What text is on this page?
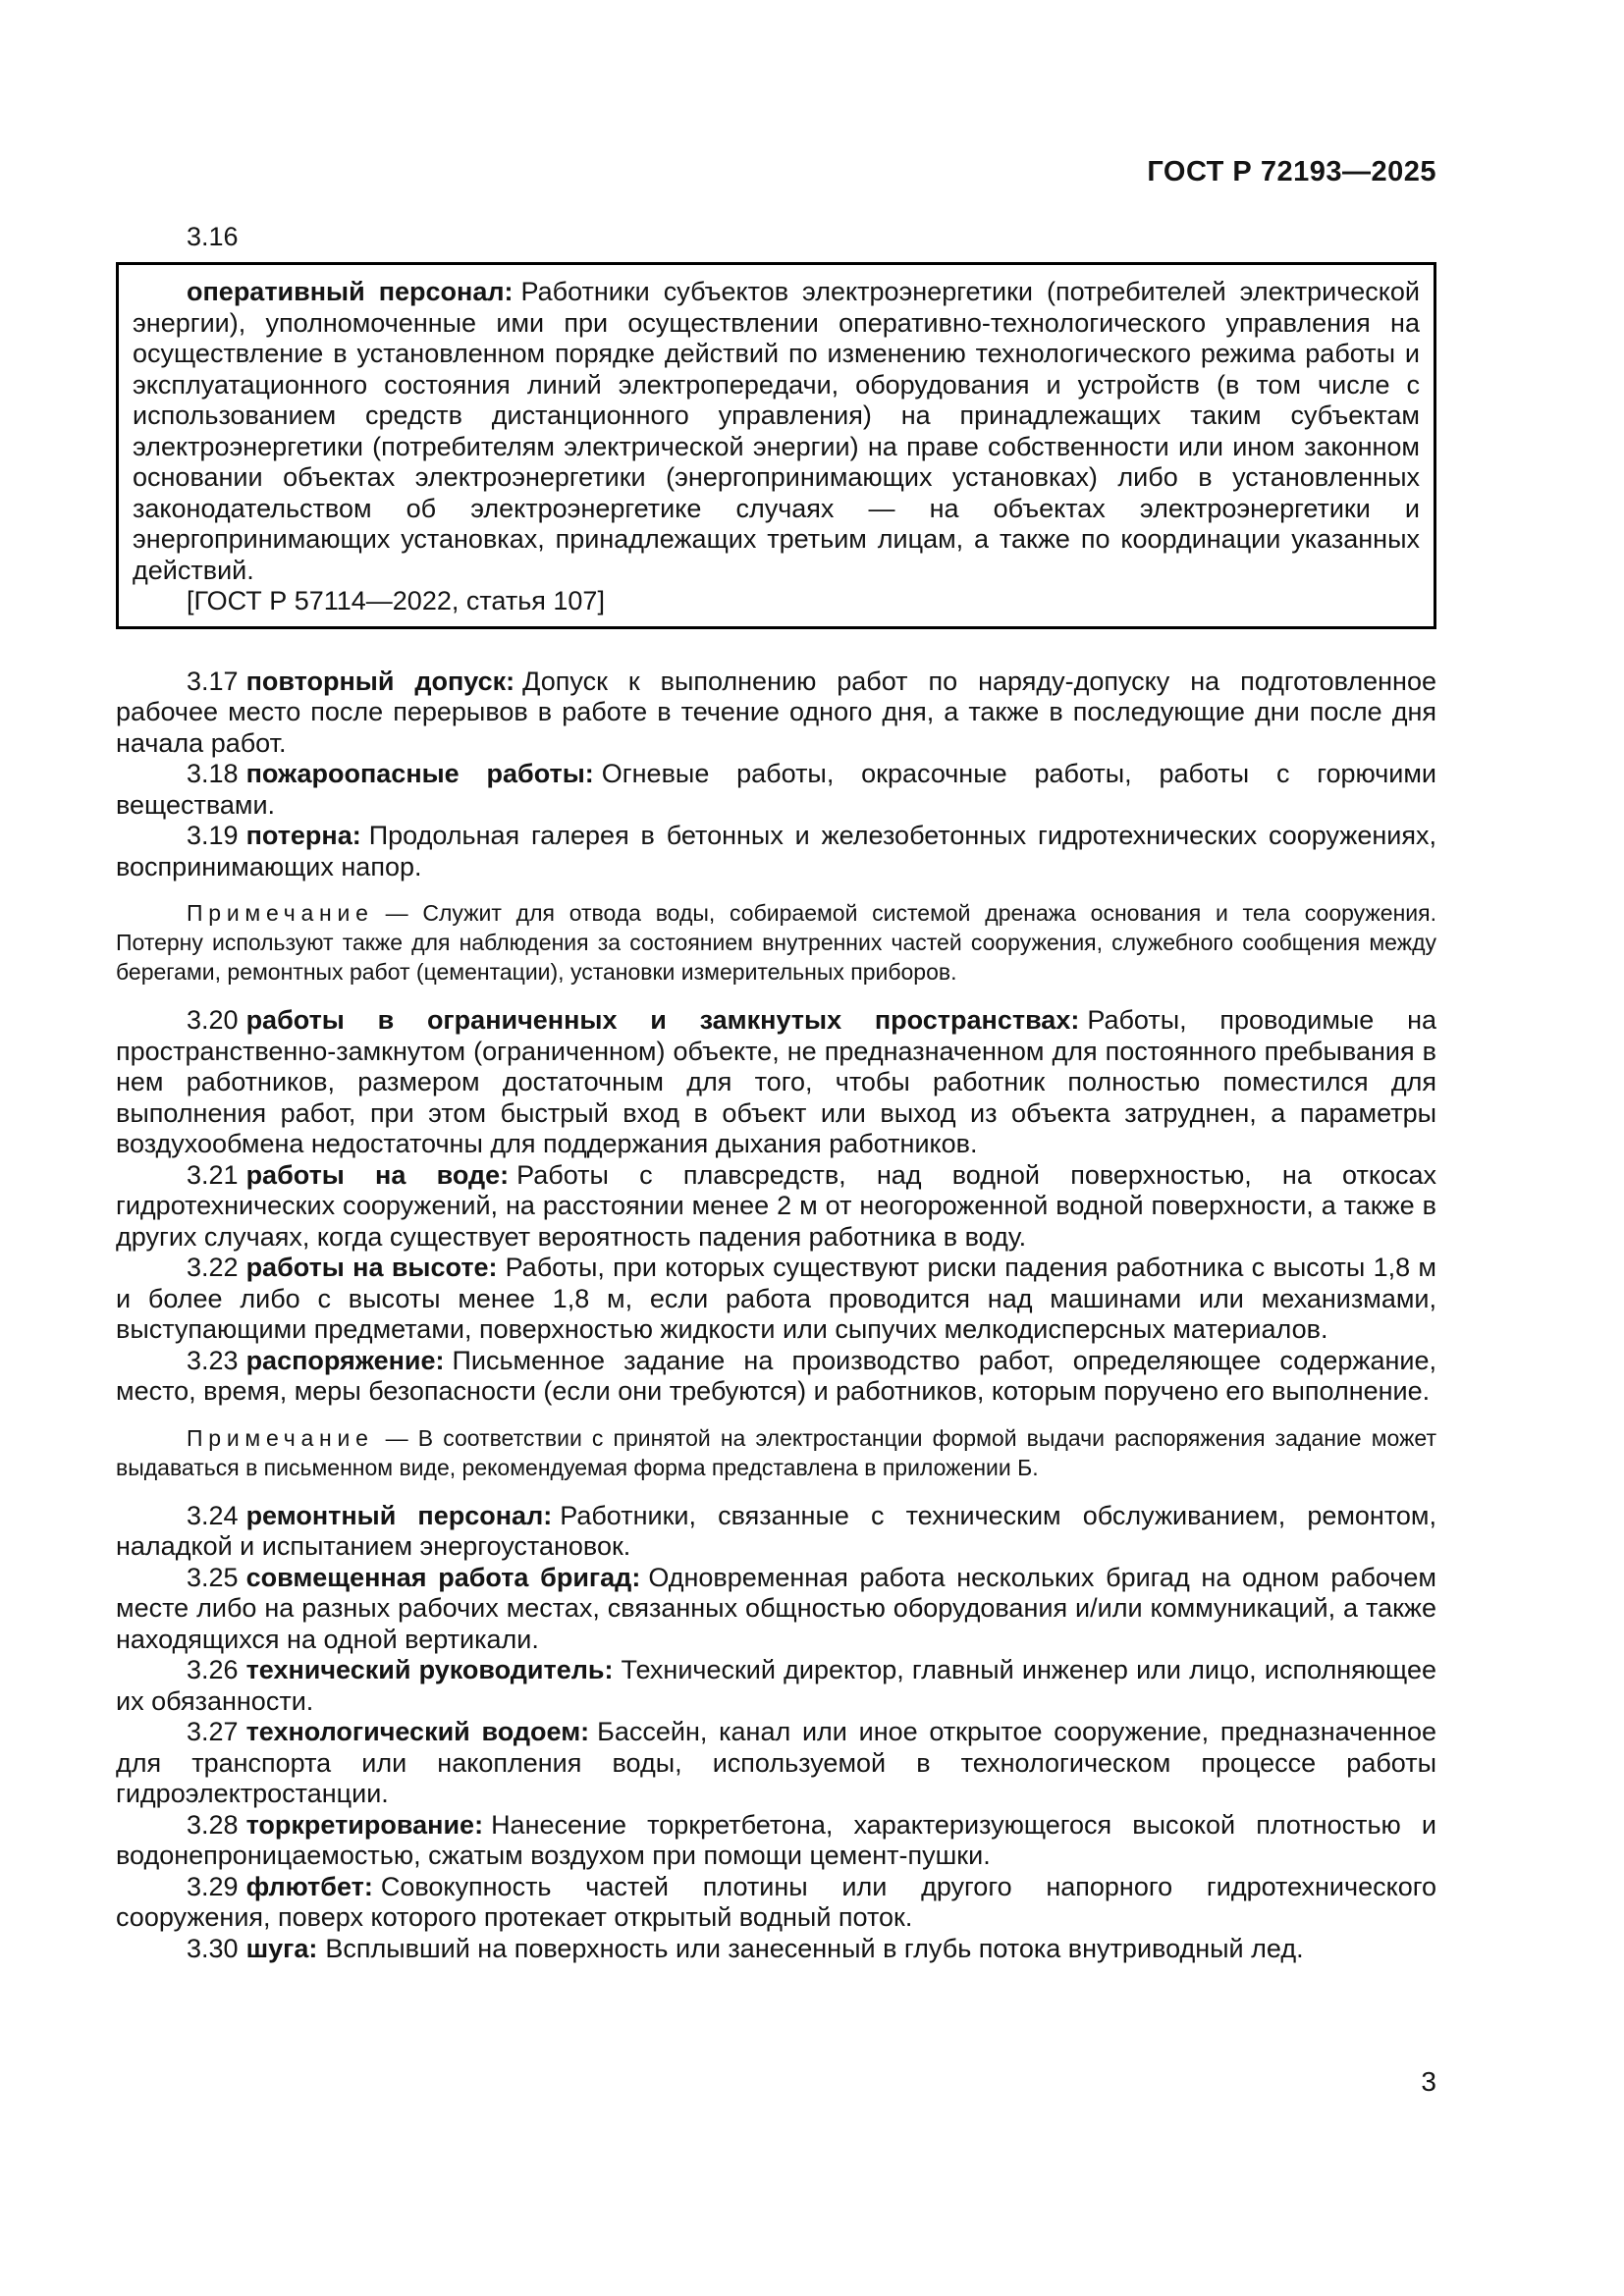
ГОСТ Р 72193—2025
3.16

оперативный персонал: Работники субъектов электроэнергетики (потребителей электрической энергии), уполномоченные ими при осуществлении оперативно-технологического управления на осуществление в установленном порядке действий по изменению технологического режима работы и эксплуатационного состояния линий электропередачи, оборудования и устройств (в том числе с использованием средств дистанционного управления) на принадлежащих таким субъектам электроэнергетики (потребителям электрической энергии) на праве собственности или ином законном основании объектах электроэнергетики (энергопринимающих установках) либо в установленных законодательством об электроэнергетике случаях — на объектах электроэнергетики и энергопринимающих установках, принадлежащих третьим лицам, а также по координации указанных действий.

[ГОСТ Р 57114—2022, статья 107]

3.17 повторный допуск: Допуск к выполнению работ по наряду-допуску на подготовленное рабочее место после перерывов в работе в течение одного дня, а также в последующие дни после дня начала работ.

3.18 пожароопасные работы: Огневые работы, окрасочные работы, работы с горючими веществами.

3.19 потерна: Продольная галерея в бетонных и железобетонных гидротехнических сооружениях, воспринимающих напор.

Примечание — Служит для отвода воды, собираемой системой дренажа основания и тела сооружения. Потерну используют также для наблюдения за состоянием внутренних частей сооружения, служебного сообщения между берегами, ремонтных работ (цементации), установки измерительных приборов.

3.20 работы в ограниченных и замкнутых пространствах: Работы, проводимые на пространственно-замкнутом (ограниченном) объекте, не предназначенном для постоянного пребывания в нем работников, размером достаточным для того, чтобы работник полностью поместился для выполнения работ, при этом быстрый вход в объект или выход из объекта затруднен, а параметры воздухообмена недостаточны для поддержания дыхания работников.

3.21 работы на воде: Работы с плавсредств, над водной поверхностью, на откосах гидротехнических сооружений, на расстоянии менее 2 м от неогороженной водной поверхности, а также в других случаях, когда существует вероятность падения работника в воду.

3.22 работы на высоте: Работы, при которых существуют риски падения работника с высоты 1,8 м и более либо с высоты менее 1,8 м, если работа проводится над машинами или механизмами, выступающими предметами, поверхностью жидкости или сыпучих мелкодисперсных материалов.

3.23 распоряжение: Письменное задание на производство работ, определяющее содержание, место, время, меры безопасности (если они требуются) и работников, которым поручено его выполнение.

Примечание — В соответствии с принятой на электростанции формой выдачи распоряжения задание может выдаваться в письменном виде, рекомендуемая форма представлена в приложении Б.

3.24 ремонтный персонал: Работники, связанные с техническим обслуживанием, ремонтом, наладкой и испытанием энергоустановок.

3.25 совмещенная работа бригад: Одновременная работа нескольких бригад на одном рабочем месте либо на разных рабочих местах, связанных общностью оборудования и/или коммуникаций, а также находящихся на одной вертикали.

3.26 технический руководитель: Технический директор, главный инженер или лицо, исполняющее их обязанности.

3.27 технологический водоем: Бассейн, канал или иное открытое сооружение, предназначенное для транспорта или накопления воды, используемой в технологическом процессе работы гидроэлектростанции.

3.28 торкретирование: Нанесение торкретбетона, характеризующегося высокой плотностью и водонепроницаемостью, сжатым воздухом при помощи цемент-пушки.

3.29 флютбет: Совокупность частей плотины или другого напорного гидротехнического сооружения, поверх которого протекает открытый водный поток.

3.30 шуга: Всплывший на поверхность или занесенный в глубь потока внутриводный лед.

3
